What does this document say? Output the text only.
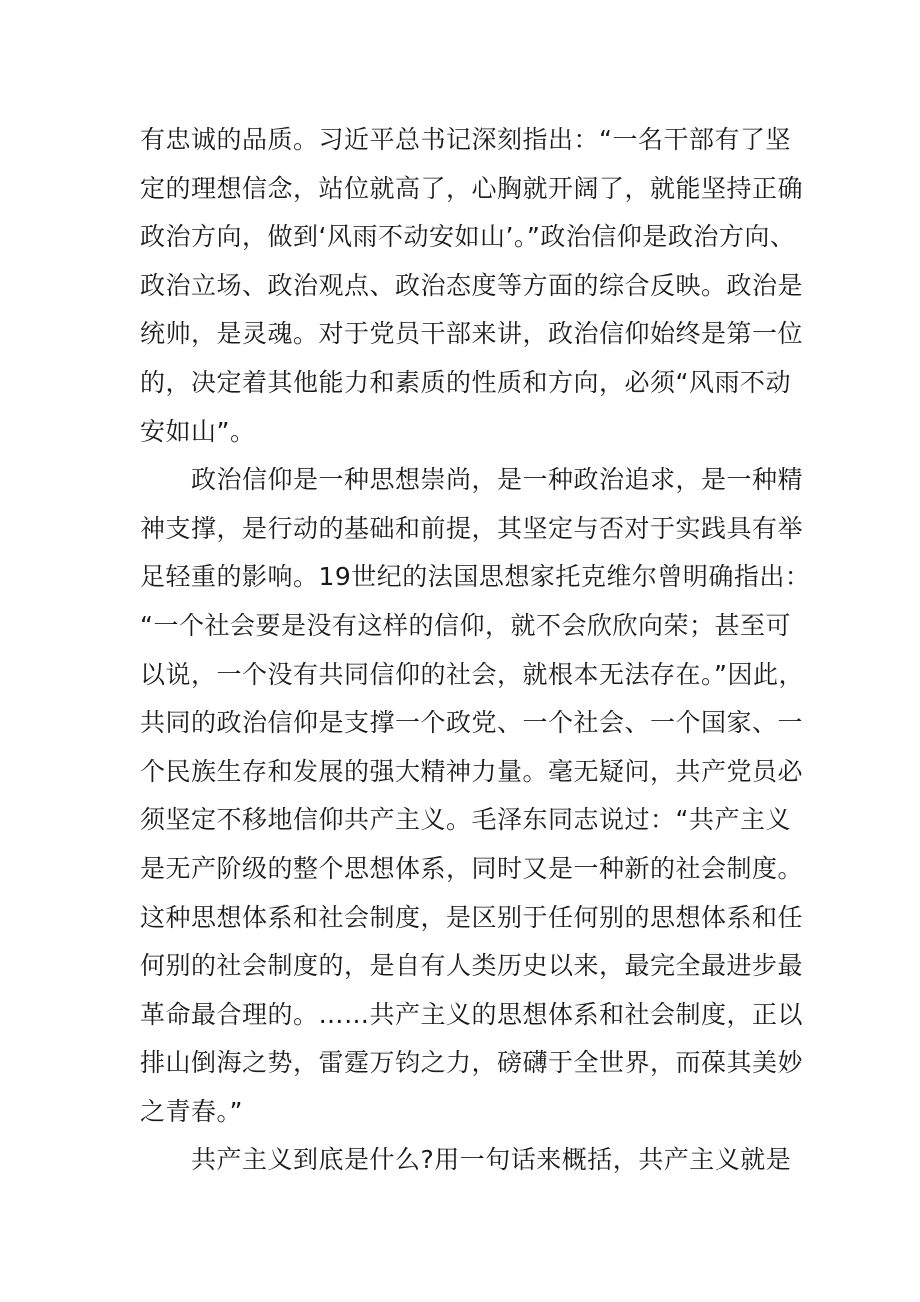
有忠诚的品质。习近平总书记深刻指出：“一名干部有了坚
定的理想信念，站位就高了，心胸就开阔了，就能坚持正确
政治方向，做到‘风雨不动安如山’。”政治信仰是政治方向、
政治立场、政治观点、政治态度等方面的综合反映。政治是
统帅，是灵魂。对于党员干部来讲，政治信仰始终是第一位
的，决定着其他能力和素质的性质和方向，必须“风雨不动
安如山”。
　　政治信仰是一种思想崇尚，是一种政治追求，是一种精
神支撑，是行动的基础和前提，其坚定与否对于实践具有举
足轻重的影响。19世纪的法国思想家托克维尔曾明确指出：
“一个社会要是没有这样的信仰，就不会欣欣向荣；甚至可
以说，一个没有共同信仰的社会，就根本无法存在。”因此，
共同的政治信仰是支撑一个政党、一个社会、一个国家、一
个民族生存和发展的强大精神力量。毫无疑问，共产党员必
须坚定不移地信仰共产主义。毛泽东同志说过：“共产主义
是无产阶级的整个思想体系，同时又是一种新的社会制度。
这种思想体系和社会制度，是区别于任何别的思想体系和任
何别的社会制度的，是自有人类历史以来，最完全最进步最
革命最合理的。……共产主义的思想体系和社会制度，正以
排山倒海之势，雷霆万钧之力，磅礴于全世界，而葆其美妙
之青春。”
　　共产主义到底是什么?用一句话来概括，共产主义就是
